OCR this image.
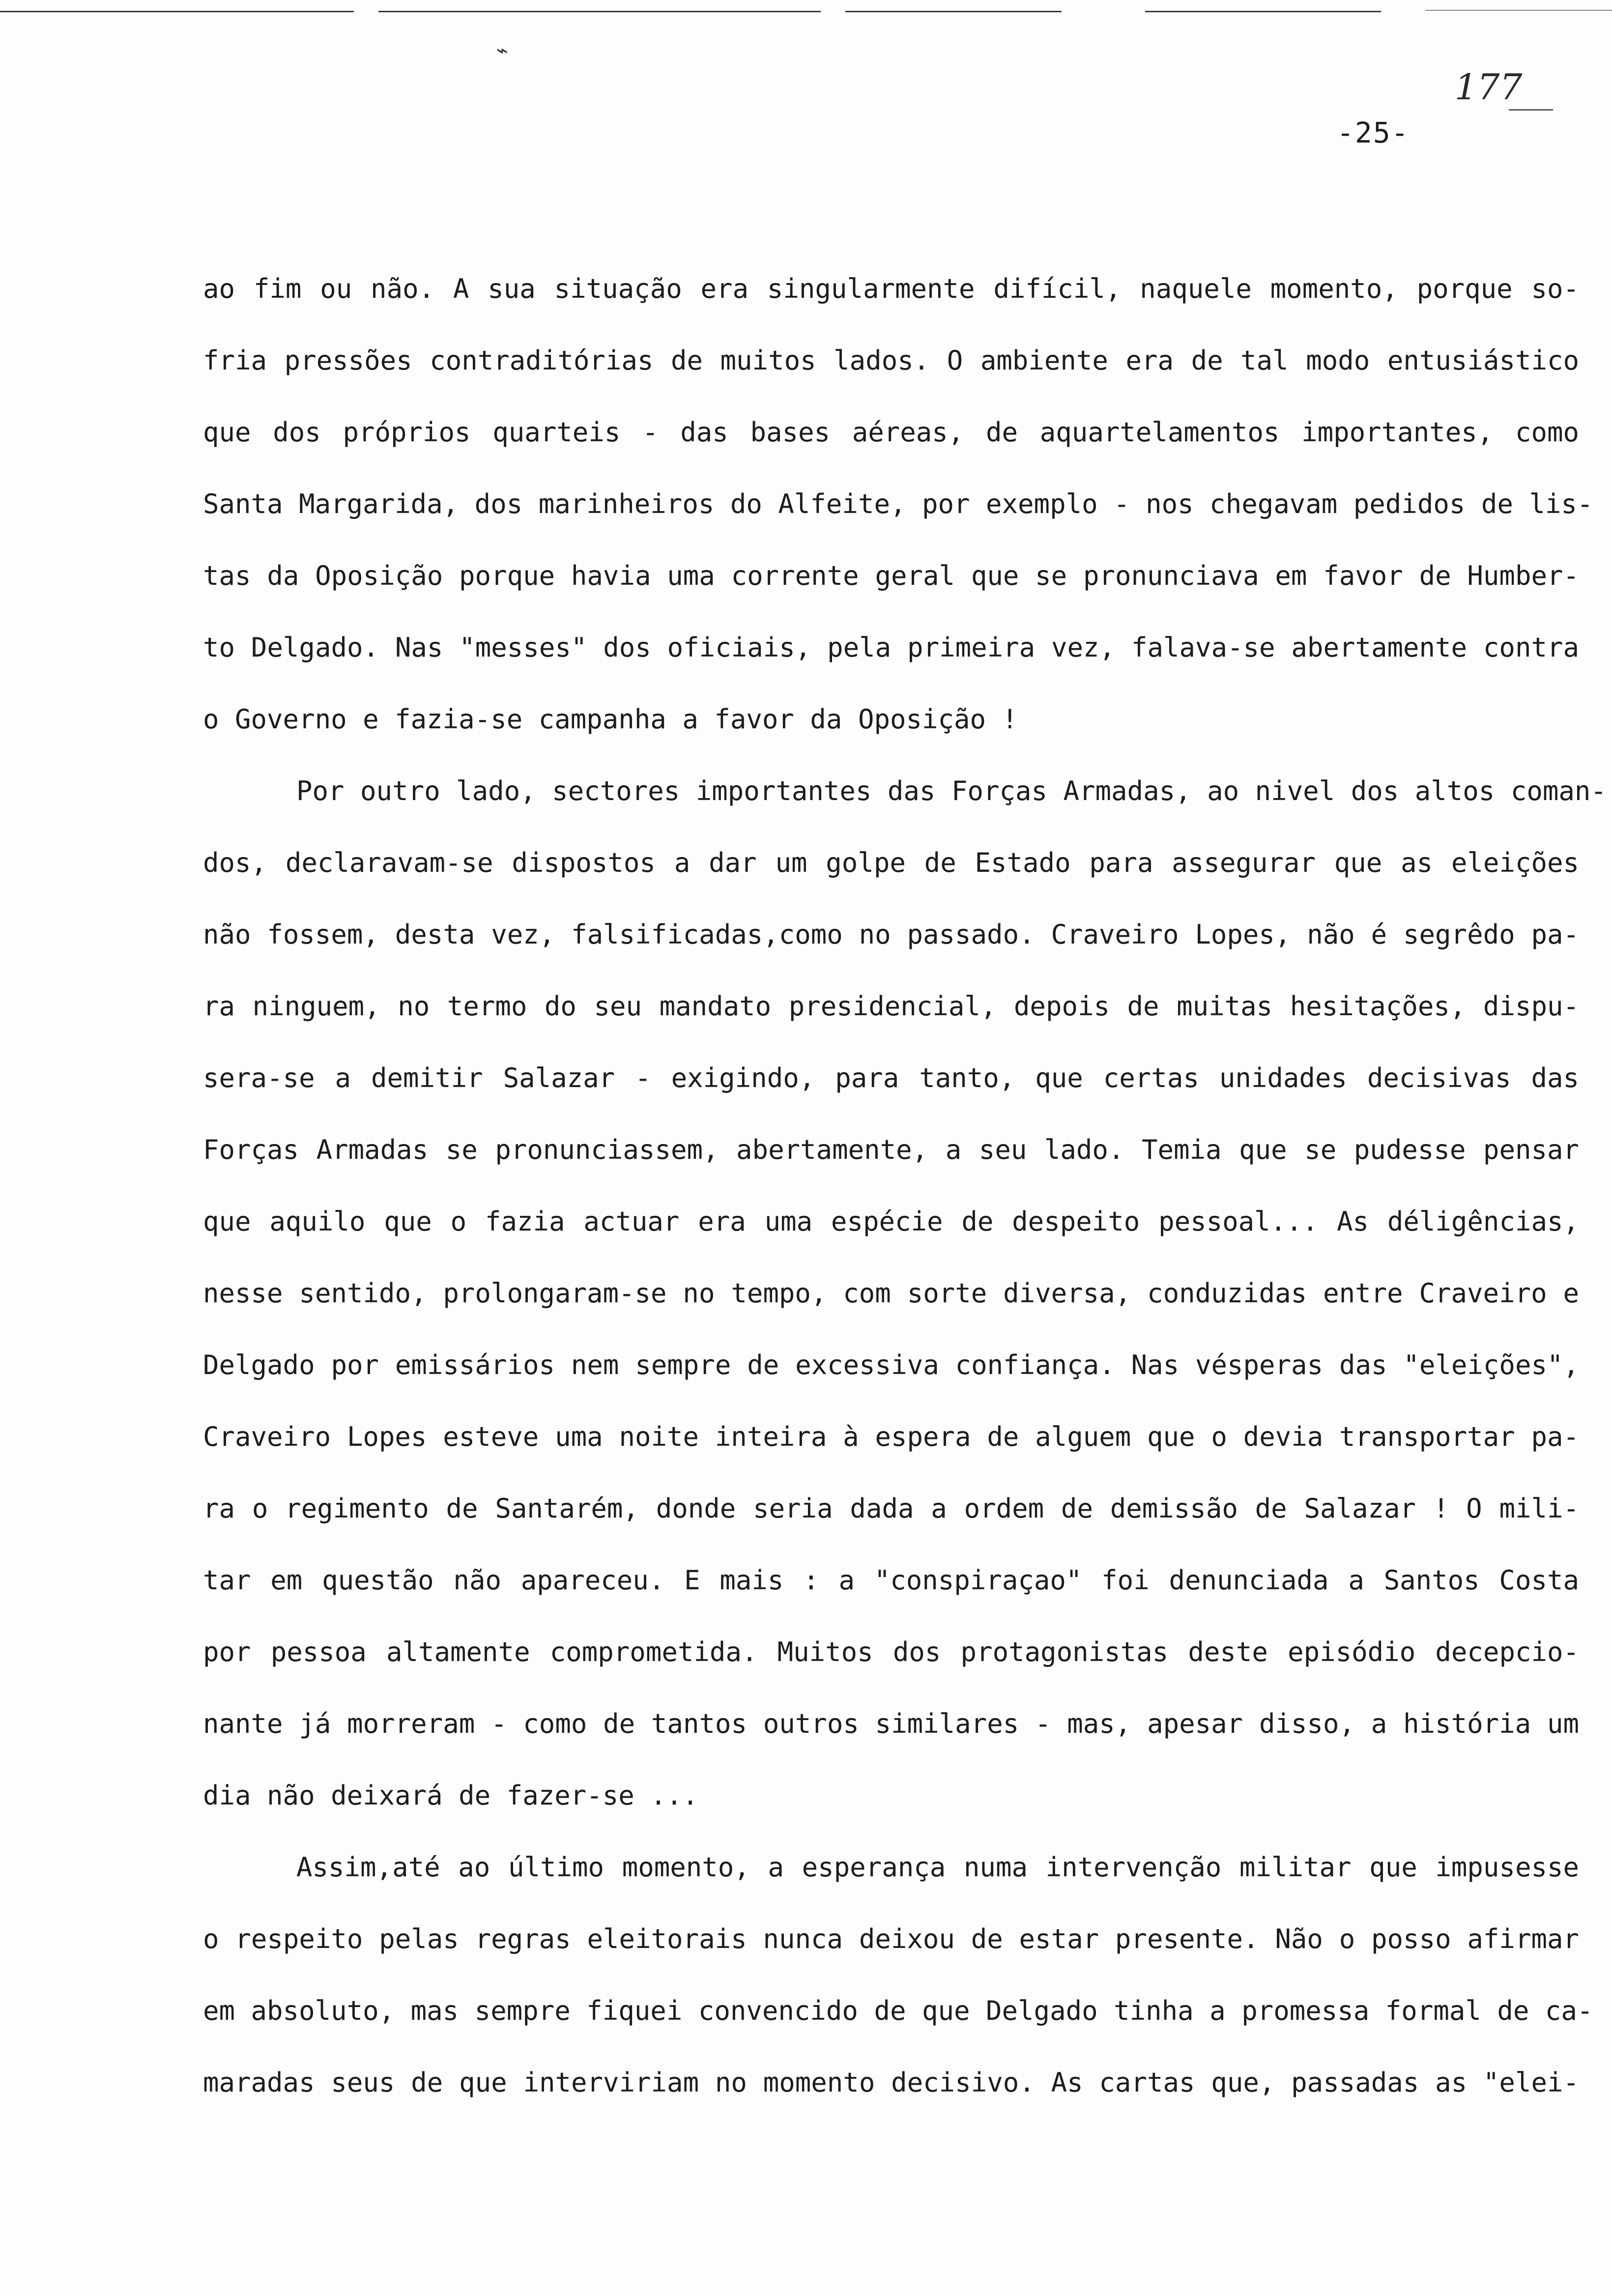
⌁
177
-25-
ao fim ou não. A sua situação era singularmente difícil, naquele momento, porque so-
fria pressões contraditórias de muitos lados. O ambiente era de tal modo entusiástico
que dos próprios quarteis - das bases aéreas, de aquartelamentos importantes, como
Santa Margarida, dos marinheiros do Alfeite, por exemplo - nos chegavam pedidos de lis-
tas da Oposição porque havia uma corrente geral que se pronunciava em favor de Humber-
to Delgado. Nas "messes" dos oficiais, pela primeira vez, falava-se abertamente contra
o Governo e fazia-se campanha a favor da Oposição !
Por outro lado, sectores importantes das Forças Armadas, ao nivel dos altos coman-
dos, declaravam-se dispostos a dar um golpe de Estado para assegurar que as eleições
não fossem, desta vez, falsificadas,como no passado. Craveiro Lopes, não é segrêdo pa-
ra ninguem, no termo do seu mandato presidencial, depois de muitas hesitações, dispu-
sera-se a demitir Salazar - exigindo, para tanto, que certas unidades decisivas das
Forças Armadas se pronunciassem, abertamente, a seu lado. Temia que se pudesse pensar
que aquilo que o fazia actuar era uma espécie de despeito pessoal... As déligências,
nesse sentido, prolongaram-se no tempo, com sorte diversa, conduzidas entre Craveiro e
Delgado por emissários nem sempre de excessiva confiança. Nas vésperas das "eleições",
Craveiro Lopes esteve uma noite inteira à espera de alguem que o devia transportar pa-
ra o regimento de Santarém, donde seria dada a ordem de demissão de Salazar ! O mili-
tar em questão não apareceu. E mais : a "conspiraçao" foi denunciada a Santos Costa
por pessoa altamente comprometida. Muitos dos protagonistas deste episódio decepcio-
nante já morreram - como de tantos outros similares - mas, apesar disso, a história um
dia não deixará de fazer-se ...
Assim,até ao último momento, a esperança numa intervenção militar que impusesse
o respeito pelas regras eleitorais nunca deixou de estar presente. Não o posso afirmar
em absoluto, mas sempre fiquei convencido de que Delgado tinha a promessa formal de ca-
maradas seus de que interviriam no momento decisivo. As cartas que, passadas as "elei-
